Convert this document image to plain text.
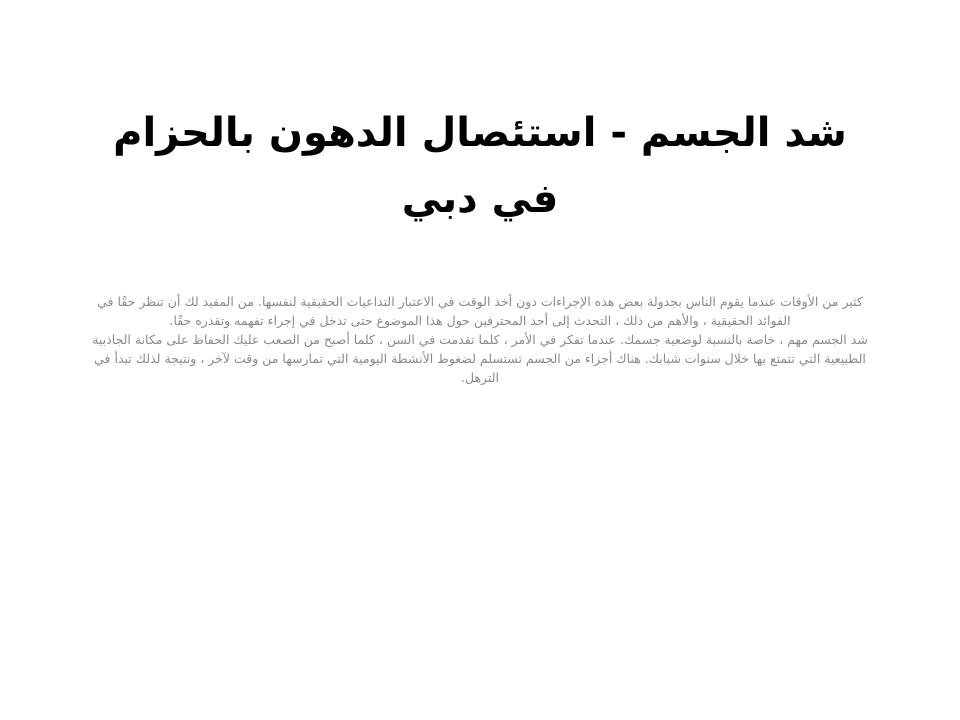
شد الجسم - استئصال الدهون بالحزام في دبي

كثير من الأوقات عندما يقوم الناس بجدولة بعض هذه الإجراءات دون أخذ الوقت في الاعتبار التداعيات الحقيقية لنفسها. من المفيد لك أن تنظر حقًا في الفوائد الحقيقية ، والأهم من ذلك ، التحدث إلى أحد المحترفين حول هذا الموضوع حتى تدخل في إجراء تفهمه وتقدره حقًا.

شد الجسم مهم ، خاصة بالنسبة لوضعية جسمك. عندما تفكر في الأمر ، كلما تقدمت في السن ، كلما أصبح من الصعب عليك الحفاظ على مكانة الجاذبية الطبيعية التي تتمتع بها خلال سنوات شبابك. هناك أجزاء من الجسم تستسلم لضغوط الأنشطة اليومية التي تمارسها من وقت لآخر ، ونتيجة لذلك تبدأ في الترهل.
